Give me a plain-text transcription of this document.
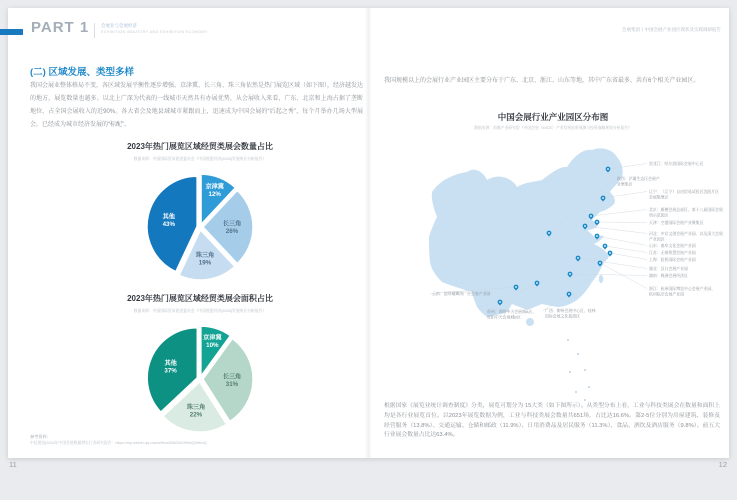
PART 1	会展业与会展经济
EXHIBITION INDUSTRY AND EXHIBITION ECONOMY	会展集团丨中国会展产业园区现状及实践调研报告
(二) 区域发展、类型多样
我国会展业整体格局不变，各区域发展平衡性逐步增强。京津冀、长三角、珠三角依然是热门展览区域（如下图），经济越发达的地方，展览数量也越多。以北上广深为代表的一线城市天然具有办展优势，从会展收入来看，广东、北京和上海占据了垄断地位，占全国会展收入的近90%。各大省会及地县域城市紧跟而上，迅速成为中国会展的“后起之秀”，每个月举办几场大型展会，已经成为城市经济发展的“标配”。
2023年热门展览区域经贸类展会数量占比
数据来源：中国国际贸易促进委员会《中国展览经济(2023)发展统计分析报告》
京津冀 12%
长三角 26%
珠三角 19%
其他 43%
2023年热门展览区域经贸类展会面积占比
数据来源：中国国际贸易促进委员会《中国展览经济(2023)发展统计分析报告》
京津冀 10%
长三角 31%
珠三角 22%
其他 37%
参考资料：
中信建投|2024年中国会展数量增长行业研究报告：https://mp.weixin.qq.com/s/lbcwDNkShOHMvQ4tHmQ
11
我国规模以上的会展行业产业园区主要分布于广东、北京、浙江、山东等地，其中广东省最多，共有6个相关产业园区。
中国会展行业产业园区分布图
数据来源：前瞻产业研究院《中国会展（MICE）产业发展前景预测与投资战略规划分析报告》
黑龙江：哈尔滨国际会展中心区
辽宁：（辽宁）自由贸易试验区沈阳片区会展集聚区
北京：雁栖会展总部区、第十八届国际会展周示范园区
天津：空港国际会展产业聚集区
河北：中京文创会展产业园、以及清大会展产业园区
山东：曲阜文化会展产业园
江苏：无锡智慧会展产业园
上海：虹桥国际会展产业园
湖北：汉口会展产业园
湖南：株洲会展经济区
浙江：杭州国际博览中心会展产业园、杭州临空会展产业园
陕西：浐灞生态区会展产业聚集区
云南：昆明螺蛳湾广告会展产业园
贵州：贵阳中天会展城A区、贵阳中天会展城B区
广西：柳州会展中心区、桂林国际会展文化旅游区
根据国家《展览业统计调查制度》分类，展览可划分为 15大类（如下图所示）。从类型分布上看，工业与科技类展会在数量和面积上均是各行业展览首位。以2023年展览数据为例，工业与科技类展会数量共651场，占比达16.6%。第2-5位分别为房屋建筑、装修及经营服务（13.8%）、交通运输、仓储和邮政（11.9%）、日用消费品及居民服务（11.3%）、食品、酒饮及酒店服务（9.8%）。前五大行业展会数量占比达63.4%。
12
